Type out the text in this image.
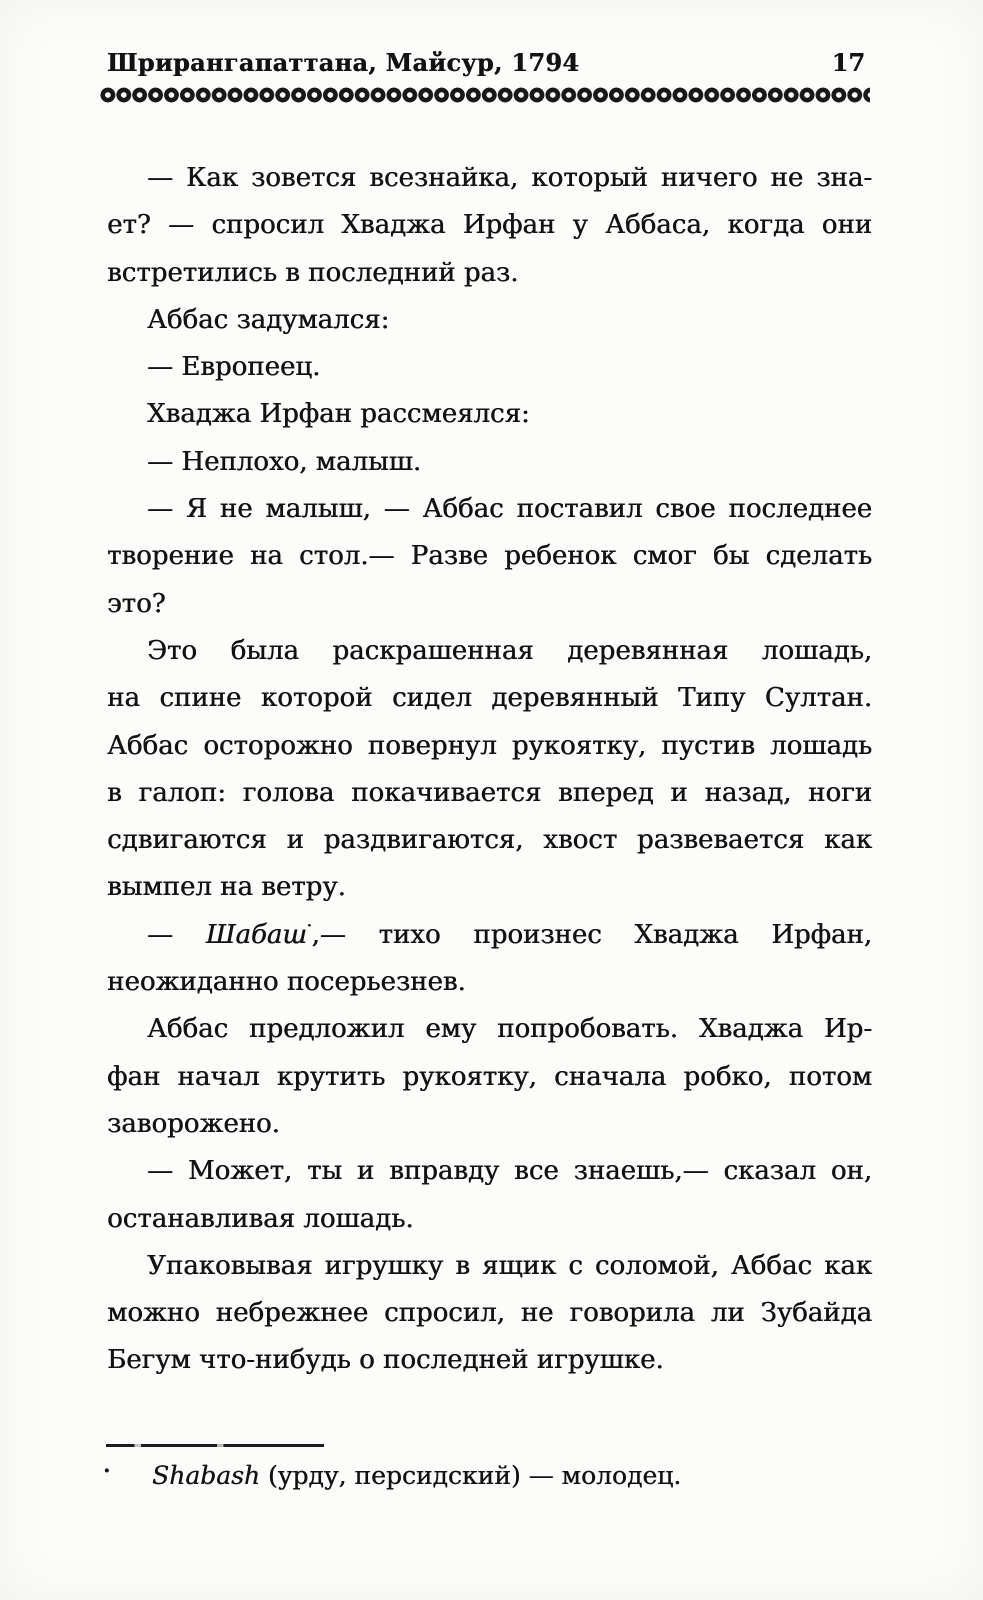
Шрирангапаттана, Майсур, 1794	17
— Как зовется всезнайка, который ничего не зна-
ет? — спросил Хваджа Ирфан у Аббаса, когда они
встретились в последний раз.
Аббас задумался:
— Европеец.
Хваджа Ирфан рассмеялся:
— Неплохо, малыш.
— Я не малыш, — Аббас поставил свое последнее
творение на стол.— Разве ребенок смог бы сделать
это?
Это была раскрашенная деревянная лошадь,
на спине которой сидел деревянный Типу Султан.
Аббас осторожно повернул рукоятку, пустив лошадь
в галоп: голова покачивается вперед и назад, ноги
сдвигаются и раздвигаются, хвост развевается как
вымпел на ветру.
— Шабаш·,— тихо произнес Хваджа Ирфан,
неожиданно посерьезнев.
Аббас предложил ему попробовать. Хваджа Ир-
фан начал крутить рукоятку, сначала робко, потом
заворожено.
— Может, ты и вправду все знаешь,— сказал он,
останавливая лошадь.
Упаковывая игрушку в ящик с соломой, Аббас как
можно небрежнее спросил, не говорила ли Зубайда
Бегум что-нибудь о последней игрушке.
· Shabash (урду, персидский) — молодец.
